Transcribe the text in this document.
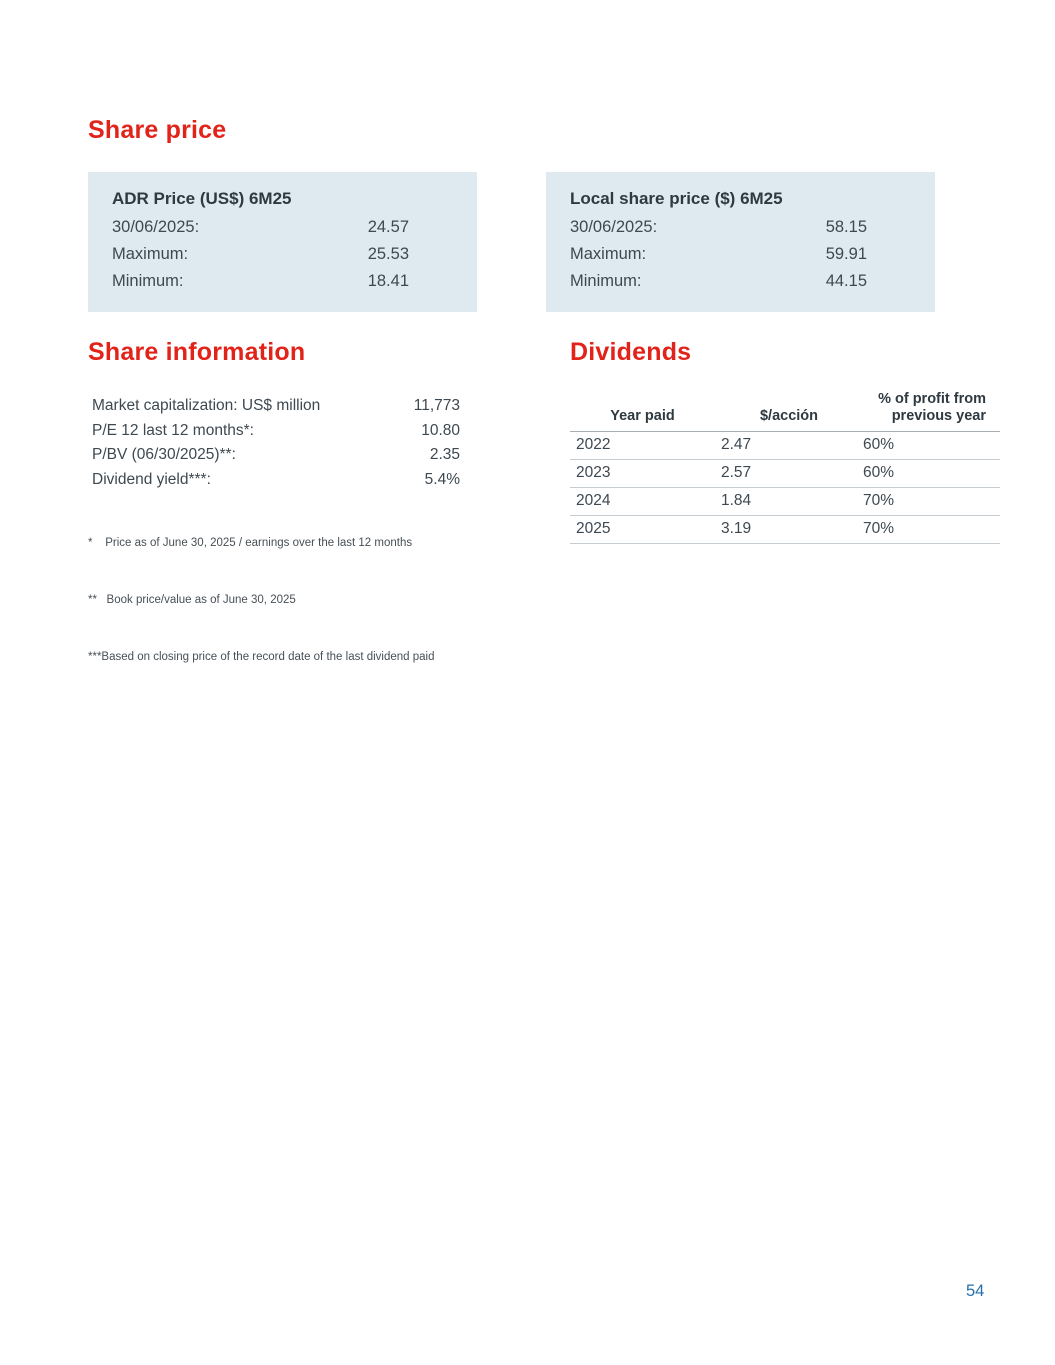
Share price
ADR Price (US$) 6M25
30/06/2025:	24.57
Maximum:	25.53
Minimum:	18.41
Local share price ($) 6M25
30/06/2025:	58.15
Maximum:	59.91
Minimum:	44.15
Share information	Dividends
Market capitalization: US$ million	11,773
P/E 12 last 12 months*:	10.80
P/BV (06/30/2025)**:	2.35
Dividend yield***:	5.4%

*    Price as of June 30, 2025 / earnings over the last 12 months

**   Book price/value as of June 30, 2025

***Based on closing price of the record date of the last dividend paid

Year paid	$/acción	% of profit from previous year
2022	2.47	60%
2023	2.57	60%
2024	1.84	70%
2025	3.19	70%
54
